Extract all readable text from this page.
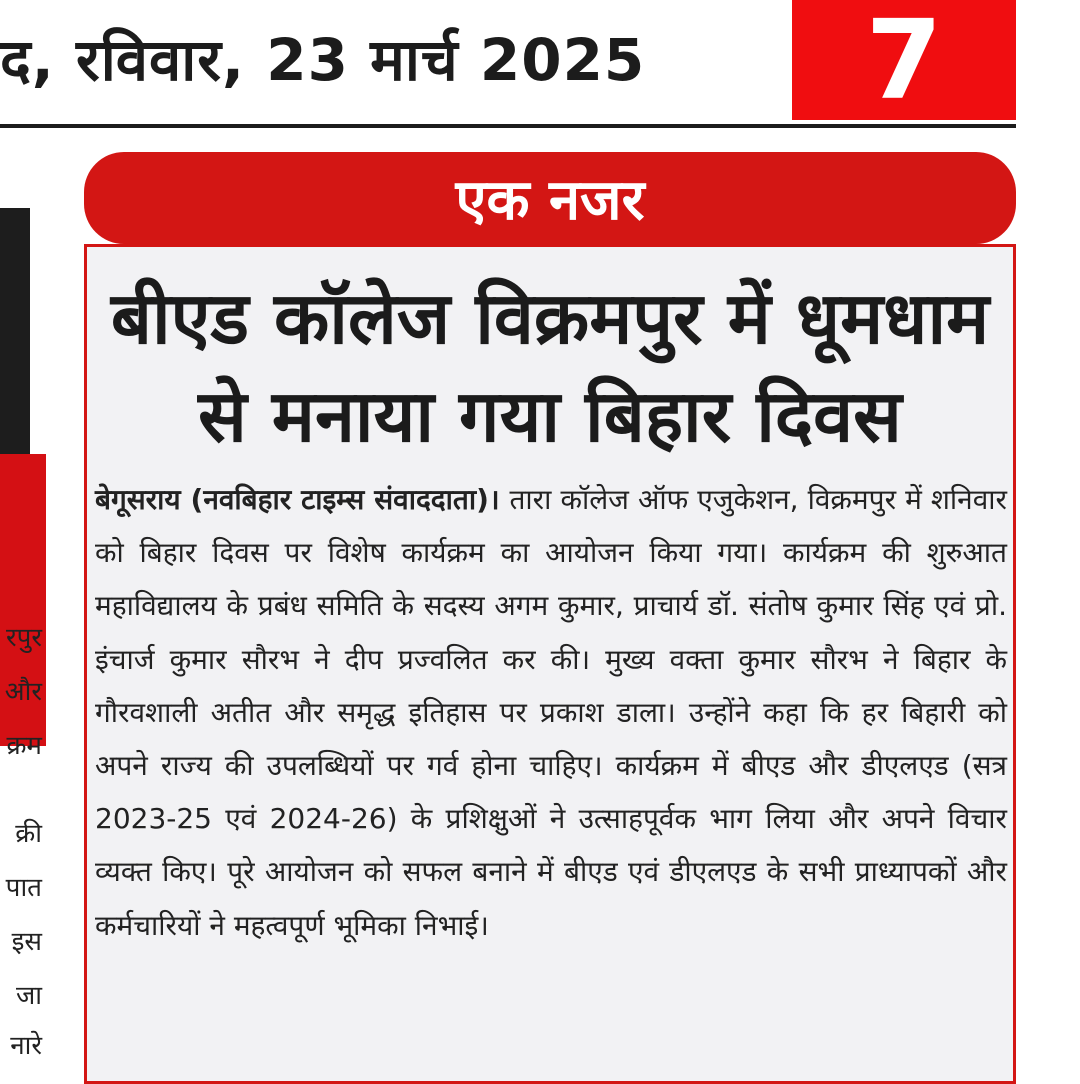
द, रविवार, 23 मार्च 2025 7
रपुर
और
क्रम
क्री
पात
इस
जा
नारे
एक नजर
बीएड कॉलेज विक्रमपुर में धूमधाम
से मनाया गया बिहार दिवस
बेगूसराय (नवबिहार टाइम्स संवाददाता)। तारा कॉलेज ऑफ एजुकेशन, विक्रमपुर में शनिवार को बिहार दिवस पर विशेष कार्यक्रम का आयोजन किया गया। कार्यक्रम की शुरुआत महाविद्यालय के प्रबंध समिति के सदस्य अगम कुमार, प्राचार्य डॉ. संतोष कुमार सिंह एवं प्रो. इंचार्ज कुमार सौरभ ने दीप प्रज्वलित कर की। मुख्य वक्ता कुमार सौरभ ने बिहार के गौरवशाली अतीत और समृद्ध इतिहास पर प्रकाश डाला। उन्होंने कहा कि हर बिहारी को अपने राज्य की उपलब्धियों पर गर्व होना चाहिए। कार्यक्रम में बीएड और डीएलएड (सत्र 2023-25 एवं 2024-26) के प्रशिक्षुओं ने उत्साहपूर्वक भाग लिया और अपने विचार व्यक्त किए। पूरे आयोजन को सफल बनाने में बीएड एवं डीएलएड के सभी प्राध्यापकों और कर्मचारियों ने महत्वपूर्ण भूमिका निभाई।
